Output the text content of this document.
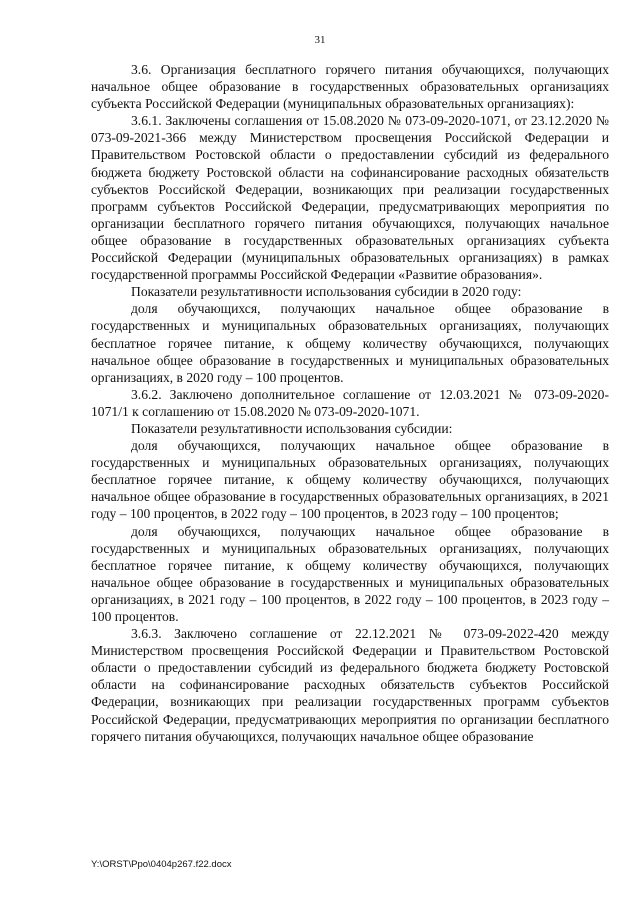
31

3.6. Организация бесплатного горячего питания обучающихся, получающих начальное общее образование в государственных образовательных организациях субъекта Российской Федерации (муниципальных образовательных организациях):

3.6.1. Заключены соглашения от 15.08.2020 № 073-09-2020-1071, от 23.12.2020 № 073-09-2021-366 между Министерством просвещения Российской Федерации и Правительством Ростовской области о предоставлении субсидий из федерального бюджета бюджету Ростовской области на софинансирование расходных обязательств субъектов Российской Федерации, возникающих при реализации государственных программ субъектов Российской Федерации, предусматривающих мероприятия по организации бесплатного горячего питания обучающихся, получающих начальное общее образование в государственных образовательных организациях субъекта Российской Федерации (муниципальных образовательных организациях) в рамках государственной программы Российской Федерации «Развитие образования».

Показатели результативности использования субсидии в 2020 году:

доля обучающихся, получающих начальное общее образование в государственных и муниципальных образовательных организациях, получающих бесплатное горячее питание, к общему количеству обучающихся, получающих начальное общее образование в государственных и муниципальных образовательных организациях, в 2020 году – 100 процентов.

3.6.2. Заключено дополнительное соглашение от 12.03.2021 № 073-09-2020-1071/1 к соглашению от 15.08.2020 № 073-09-2020-1071.

Показатели результативности использования субсидии:

доля обучающихся, получающих начальное общее образование в государственных и муниципальных образовательных организациях, получающих бесплатное горячее питание, к общему количеству обучающихся, получающих начальное общее образование в государственных образовательных организациях, в 2021 году – 100 процентов, в 2022 году – 100 процентов, в 2023 году – 100 процентов;

доля обучающихся, получающих начальное общее образование в государственных и муниципальных образовательных организациях, получающих бесплатное горячее питание, к общему количеству обучающихся, получающих начальное общее образование в государственных и муниципальных образовательных организациях, в 2021 году – 100 процентов, в 2022 году – 100 процентов, в 2023 году – 100 процентов.

3.6.3. Заключено соглашение от 22.12.2021 № 073-09-2022-420 между Министерством просвещения Российской Федерации и Правительством Ростовской области о предоставлении субсидий из федерального бюджета бюджету Ростовской области на софинансирование расходных обязательств субъектов Российской Федерации, возникающих при реализации государственных программ субъектов Российской Федерации, предусматривающих мероприятия по организации бесплатного горячего питания обучающихся, получающих начальное общее образование

Y:\ORST\Ppo\0404p267.f22.docx
